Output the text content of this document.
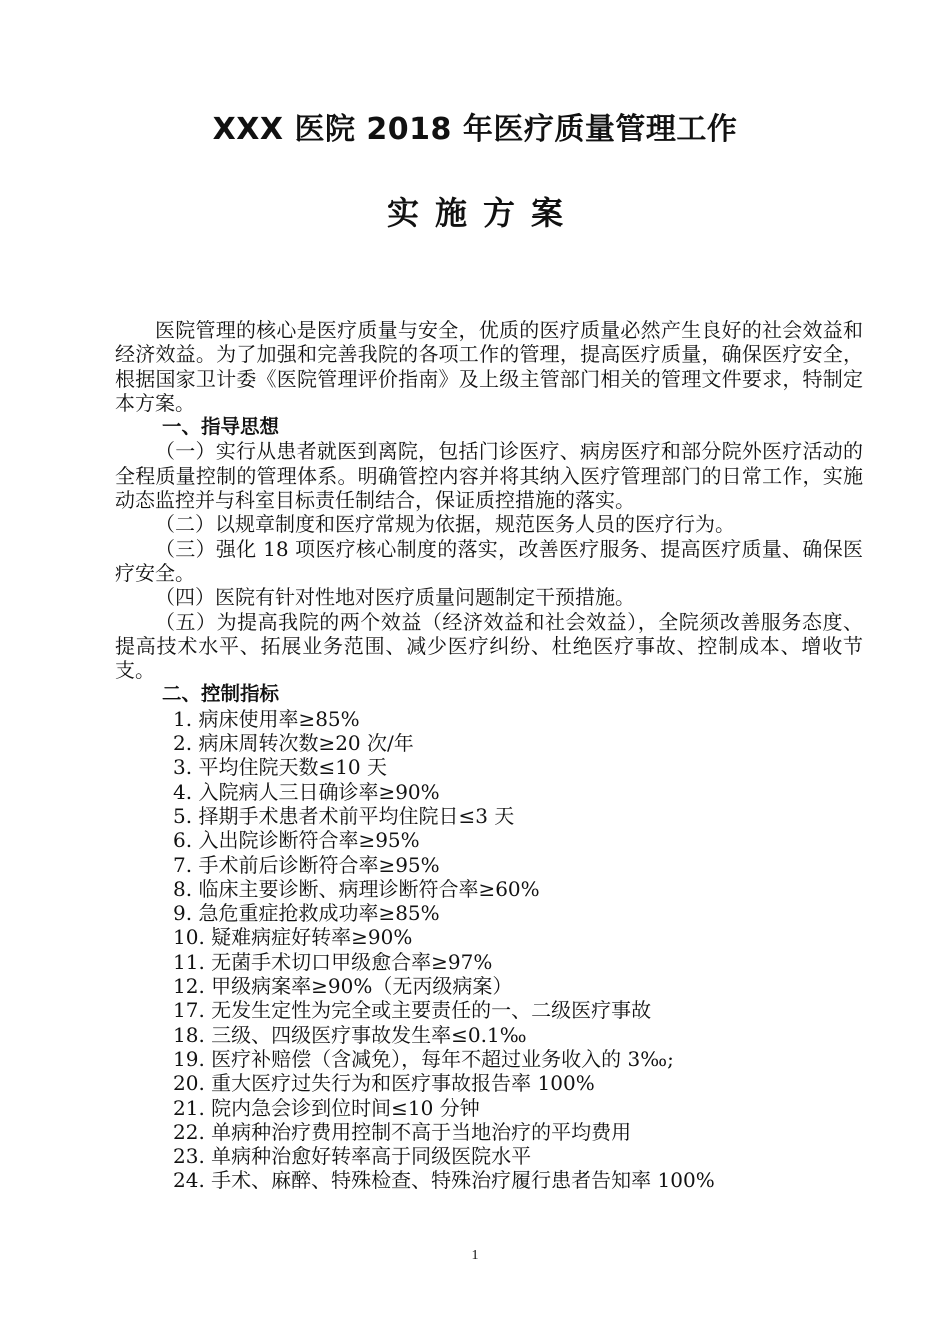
XXX 医院 2018 年医疗质量管理工作
实施方案

医院管理的核心是医疗质量与安全，优质的医疗质量必然产生良好的社会效益和经济效益。为了加强和完善我院的各项工作的管理，提高医疗质量，确保医疗安全，根据国家卫计委《医院管理评价指南》及上级主管部门相关的管理文件要求，特制定本方案。

一、指导思想

（一）实行从患者就医到离院，包括门诊医疗、病房医疗和部分院外医疗活动的全程质量控制的管理体系。明确管控内容并将其纳入医疗管理部门的日常工作，实施动态监控并与科室目标责任制结合，保证质控措施的落实。

（二）以规章制度和医疗常规为依据，规范医务人员的医疗行为。

（三）强化 18 项医疗核心制度的落实，改善医疗服务、提高医疗质量、确保医疗安全。

（四）医院有针对性地对医疗质量问题制定干预措施。

（五）为提高我院的两个效益（经济效益和社会效益），全院须改善服务态度、提高技术水平、拓展业务范围、减少医疗纠纷、杜绝医疗事故、控制成本、增收节支。

二、控制指标
1. 病床使用率≥85%
2. 病床周转次数≥20 次/年
3. 平均住院天数≤10 天
4. 入院病人三日确诊率≥90%
5. 择期手术患者术前平均住院日≤3 天
6. 入出院诊断符合率≥95%
7. 手术前后诊断符合率≥95%
8. 临床主要诊断、病理诊断符合率≥60%
9. 急危重症抢救成功率≥85%
10. 疑难病症好转率≥90%
11. 无菌手术切口甲级愈合率≥97%
12. 甲级病案率≥90%（无丙级病案）
17. 无发生定性为完全或主要责任的一、二级医疗事故
18. 三级、四级医疗事故发生率≤0.1‰
19. 医疗补赔偿（含减免），每年不超过业务收入的 3‰;
20. 重大医疗过失行为和医疗事故报告率 100%
21. 院内急会诊到位时间≤10 分钟
22. 单病种治疗费用控制不高于当地治疗的平均费用
23. 单病种治愈好转率高于同级医院水平
24. 手术、麻醉、特殊检查、特殊治疗履行患者告知率 100%
1
